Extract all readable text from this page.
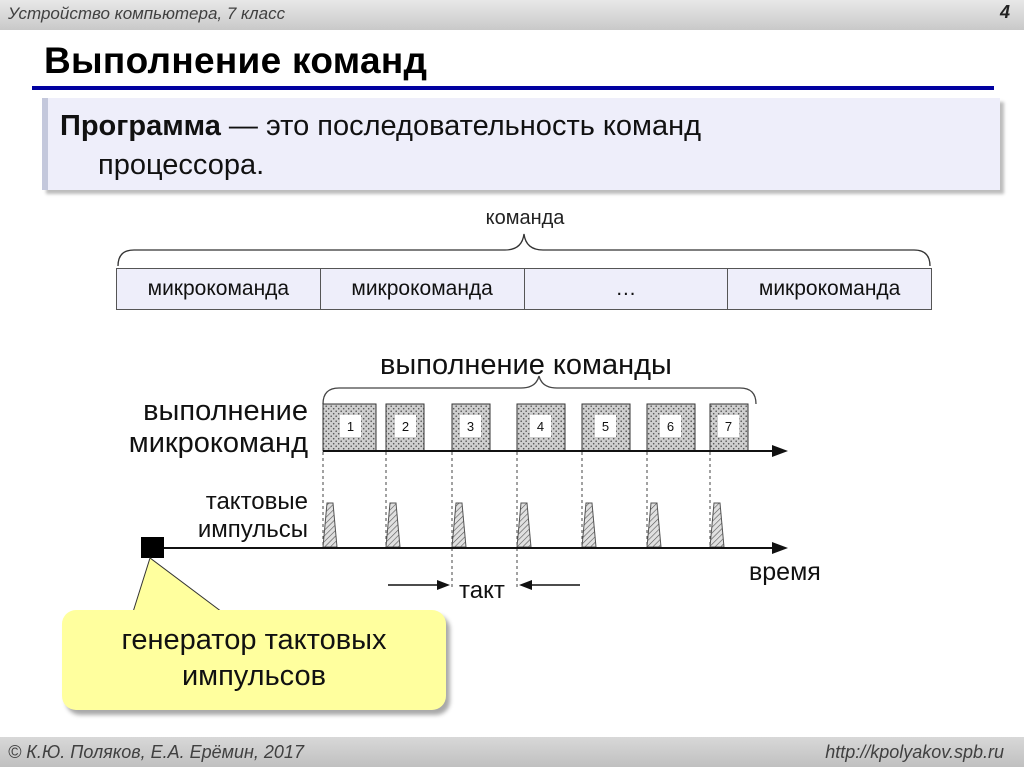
Устройство компьютера, 7 класс	4
Выполнение команд
Программа — это последовательность команд
процессора.
команда
микрокоманда	микрокоманда	…	микрокоманда
1	2	3	4	5	6	7
выполнение команды
выполнение
микрокоманд
тактовые
импульсы
время
такт
генератор тактовых
импульсов
© К.Ю. Поляков, Е.А. Ерёмин, 2017	http://kpolyakov.spb.ru
